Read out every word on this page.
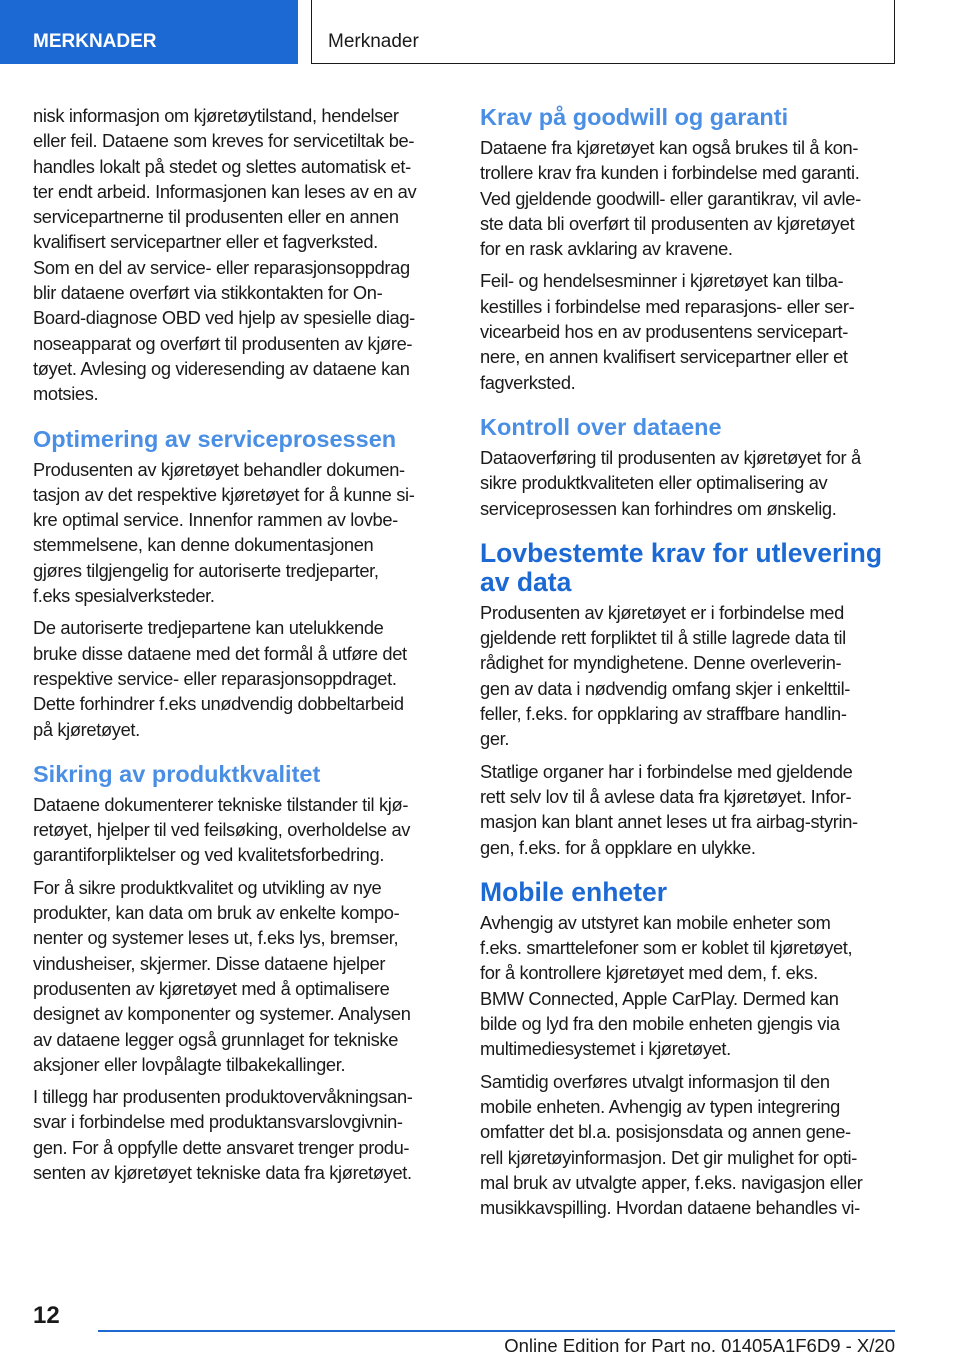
MERKNADER	Merknader

nisk informasjon om kjøretøytilstand, hendelser
eller feil. Dataene som kreves for servicetiltak be-
handles lokalt på stedet og slettes automatisk et-
ter endt arbeid. Informasjonen kan leses av en av
servicepartnerne til produsenten eller en annen
kvalifisert servicepartner eller et fagverksted.
Som en del av service- eller reparasjonsoppdrag
blir dataene overført via stikkontakten for On-
Board-diagnose OBD ved hjelp av spesielle diag-
noseapparat og overført til produsenten av kjøre-
tøyet. Avlesing og videresending av dataene kan
motsies.

Optimering av serviceprosessen

Produsenten av kjøretøyet behandler dokumen-
tasjon av det respektive kjøretøyet for å kunne si-
kre optimal service. Innenfor rammen av lovbe-
stemmelsene, kan denne dokumentasjonen
gjøres tilgjengelig for autoriserte tredjeparter,
f.eks spesialverksteder.

De autoriserte tredjepartene kan utelukkende
bruke disse dataene med det formål å utføre det
respektive service- eller reparasjonsoppdraget.
Dette forhindrer f.eks unødvendig dobbeltarbeid
på kjøretøyet.

Sikring av produktkvalitet

Dataene dokumenterer tekniske tilstander til kjø-
retøyet, hjelper til ved feilsøking, overholdelse av
garantiforpliktelser og ved kvalitetsforbedring.

For å sikre produktkvalitet og utvikling av nye
produkter, kan data om bruk av enkelte kompo-
nenter og systemer leses ut, f.eks lys, bremser,
vindusheiser, skjermer. Disse dataene hjelper
produsenten av kjøretøyet med å optimalisere
designet av komponenter og systemer. Analysen
av dataene legger også grunnlaget for tekniske
aksjoner eller lovpålagte tilbakekallinger.

I tillegg har produsenten produktovervåkningsan-
svar i forbindelse med produktansvarslovgivnin-
gen. For å oppfylle dette ansvaret trenger produ-
senten av kjøretøyet tekniske data fra kjøretøyet.

Krav på goodwill og garanti

Dataene fra kjøretøyet kan også brukes til å kon-
trollere krav fra kunden i forbindelse med garanti.
Ved gjeldende goodwill- eller garantikrav, vil avle-
ste data bli overført til produsenten av kjøretøyet
for en rask avklaring av kravene.

Feil- og hendelsesminner i kjøretøyet kan tilba-
kestilles i forbindelse med reparasjons- eller ser-
vicearbeid hos en av produsentens servicepart-
nere, en annen kvalifisert servicepartner eller et
fagverksted.

Kontroll over dataene

Dataoverføring til produsenten av kjøretøyet for å
sikre produktkvaliteten eller optimalisering av
serviceprosessen kan forhindres om ønskelig.

Lovbestemte krav for utlevering
av data

Produsenten av kjøretøyet er i forbindelse med
gjeldende rett forpliktet til å stille lagrede data til
rådighet for myndighetene. Denne overleverin-
gen av data i nødvendig omfang skjer i enkelttil-
feller, f.eks. for oppklaring av straffbare handlin-
ger.

Statlige organer har i forbindelse med gjeldende
rett selv lov til å avlese data fra kjøretøyet. Infor-
masjon kan blant annet leses ut fra airbag-styrin-
gen, f.eks. for å oppklare en ulykke.

Mobile enheter

Avhengig av utstyret kan mobile enheter som
f.eks. smarttelefoner som er koblet til kjøretøyet,
for å kontrollere kjøretøyet med dem, f. eks.
BMW Connected, Apple CarPlay. Dermed kan
bilde og lyd fra den mobile enheten gjengis via
multimediesystemet i kjøretøyet.

Samtidig overføres utvalgt informasjon til den
mobile enheten. Avhengig av typen integrering
omfatter det bl.a. posisjonsdata og annen gene-
rell kjøretøyinformasjon. Det gir mulighet for opti-
mal bruk av utvalgte apper, f.eks. navigasjon eller
musikkavspilling. Hvordan dataene behandles vi-

12
Online Edition for Part no. 01405A1F6D9 - X/20
